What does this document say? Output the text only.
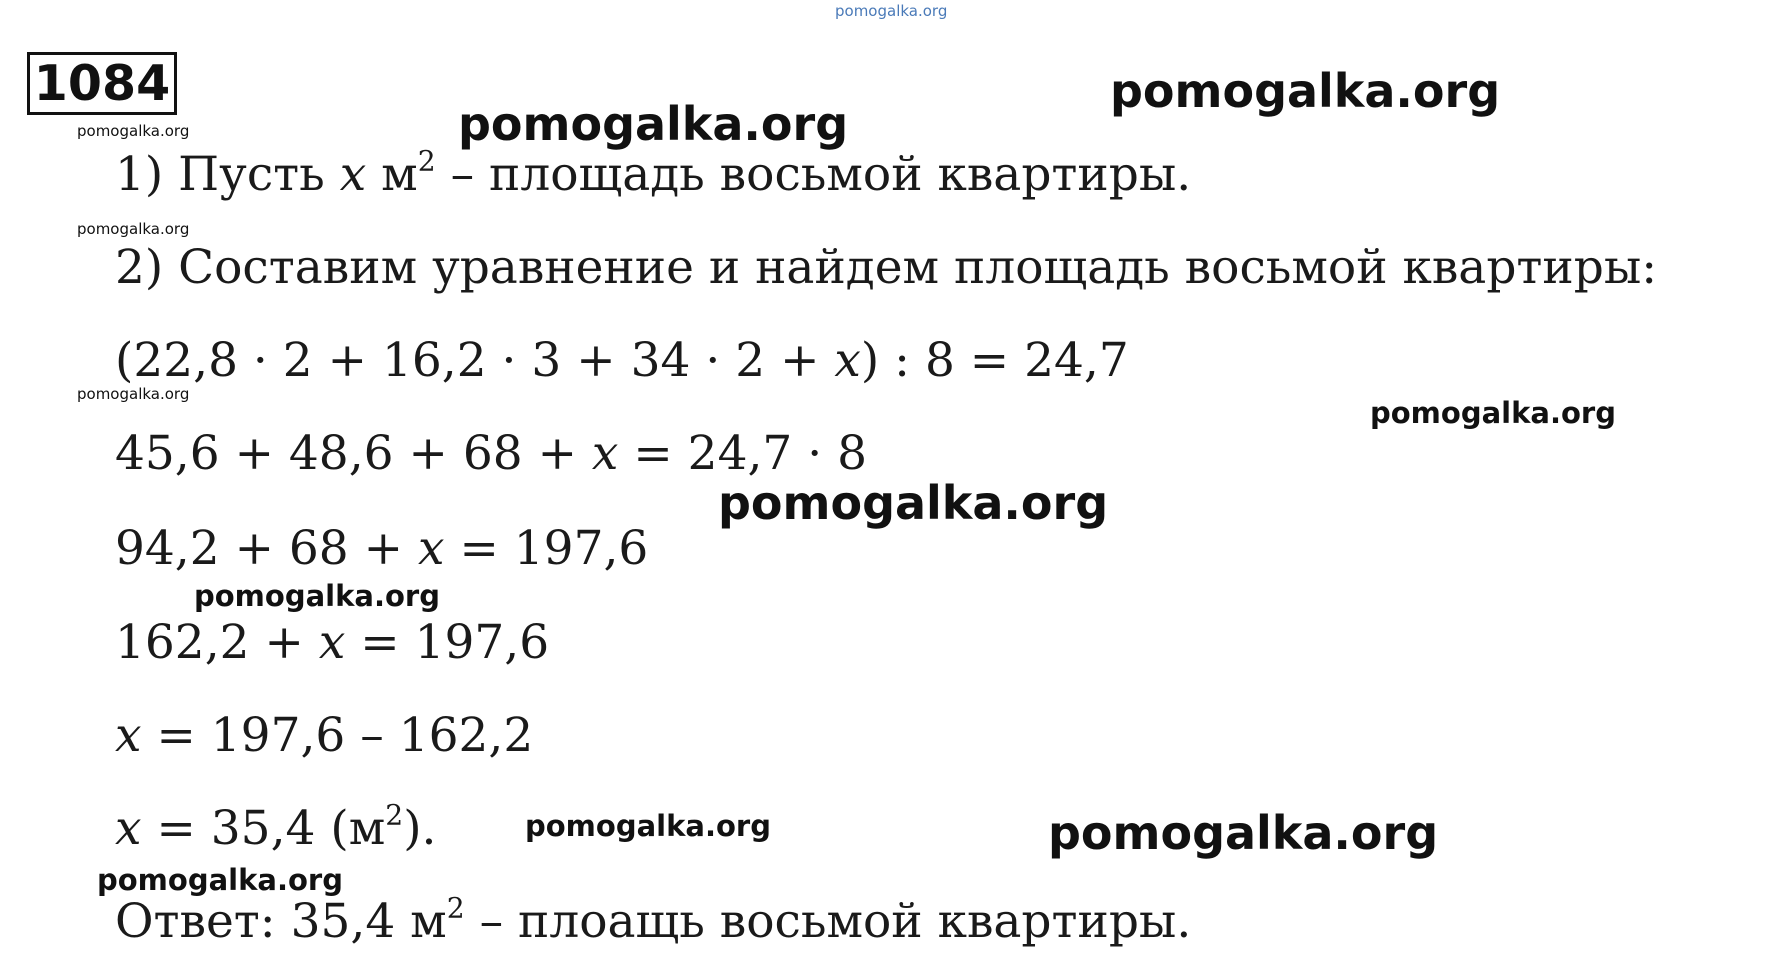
pomogalka.org
pomogalka.org
pomogalka.org
pomogalka.org
pomogalka.org
pomogalka.org
pomogalka.org
pomogalka.org
pomogalka.org
pomogalka.org	pomogalka.org
pomogalka.org
1084
1) Пусть x $м^2$ – площадь восьмой квартиры.
2) Составим уравнение и найдем площадь восьмой квартиры:
(22,8 · 2 + 16,2 · 3 + 34 · 2 + x) : 8 = 24,7
45,6 + 48,6 + 68 + x = 24,7 · 8
94,2 + 68 + x = 197,6
162,2 + x = 197,6
x = 197,6 – 162,2
x = 35,4 $(м^2)$.
Ответ: 35,4 $м^2$ – плоащь восьмой квартиры.
